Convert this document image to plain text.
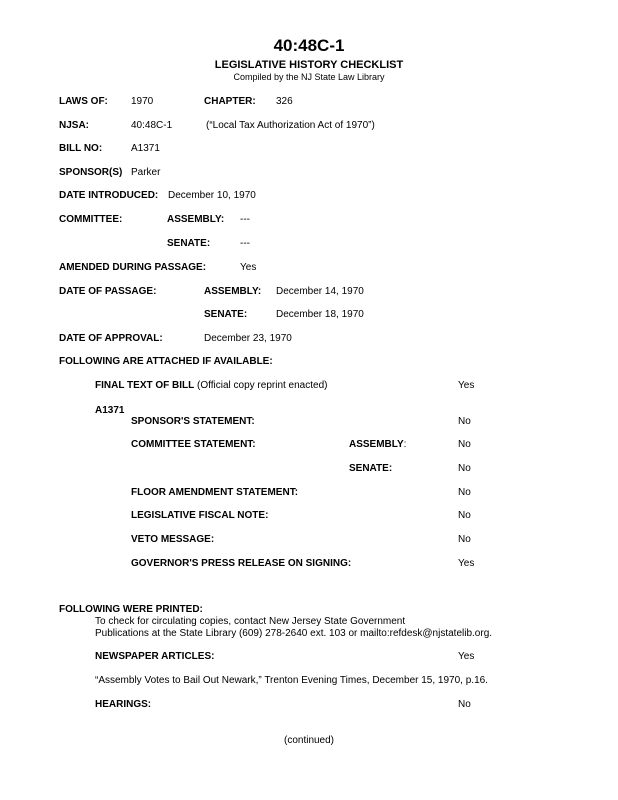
40:48C-1
LEGISLATIVE HISTORY CHECKLIST
Compiled by the NJ State Law Library
LAWS OF: 1970	CHAPTER: 326
NJSA:	40:48C-1	(“Local Tax Authorization Act of 1970”)
BILL NO:	A1371
SPONSOR(S) Parker
DATE INTRODUCED: December 10, 1970
COMMITTEE:	ASSEMBLY: ---
SENATE:	---
AMENDED DURING PASSAGE:	Yes
DATE OF PASSAGE:	ASSEMBLY: December 14, 1970
SENATE:	December 18, 1970
DATE OF APPROVAL:	December 23, 1970
FOLLOWING ARE ATTACHED IF AVAILABLE:
FINAL TEXT OF BILL (Official copy reprint enacted)	Yes
A1371
SPONSOR'S STATEMENT:	No
COMMITTEE STATEMENT:	ASSEMBLY:	No
SENATE:	No
FLOOR AMENDMENT STATEMENT:	No
LEGISLATIVE FISCAL NOTE:	No
VETO MESSAGE:	No
GOVERNOR'S PRESS RELEASE ON SIGNING:	Yes
FOLLOWING WERE PRINTED:
To check for circulating copies, contact New Jersey State Government
Publications at the State Library (609) 278-2640 ext. 103 or mailto:refdesk@njstatelib.org.
NEWSPAPER ARTICLES:	Yes
“Assembly Votes to Bail Out Newark,” Trenton Evening Times, December 15, 1970, p.16.
HEARINGS:	No
(continued)
